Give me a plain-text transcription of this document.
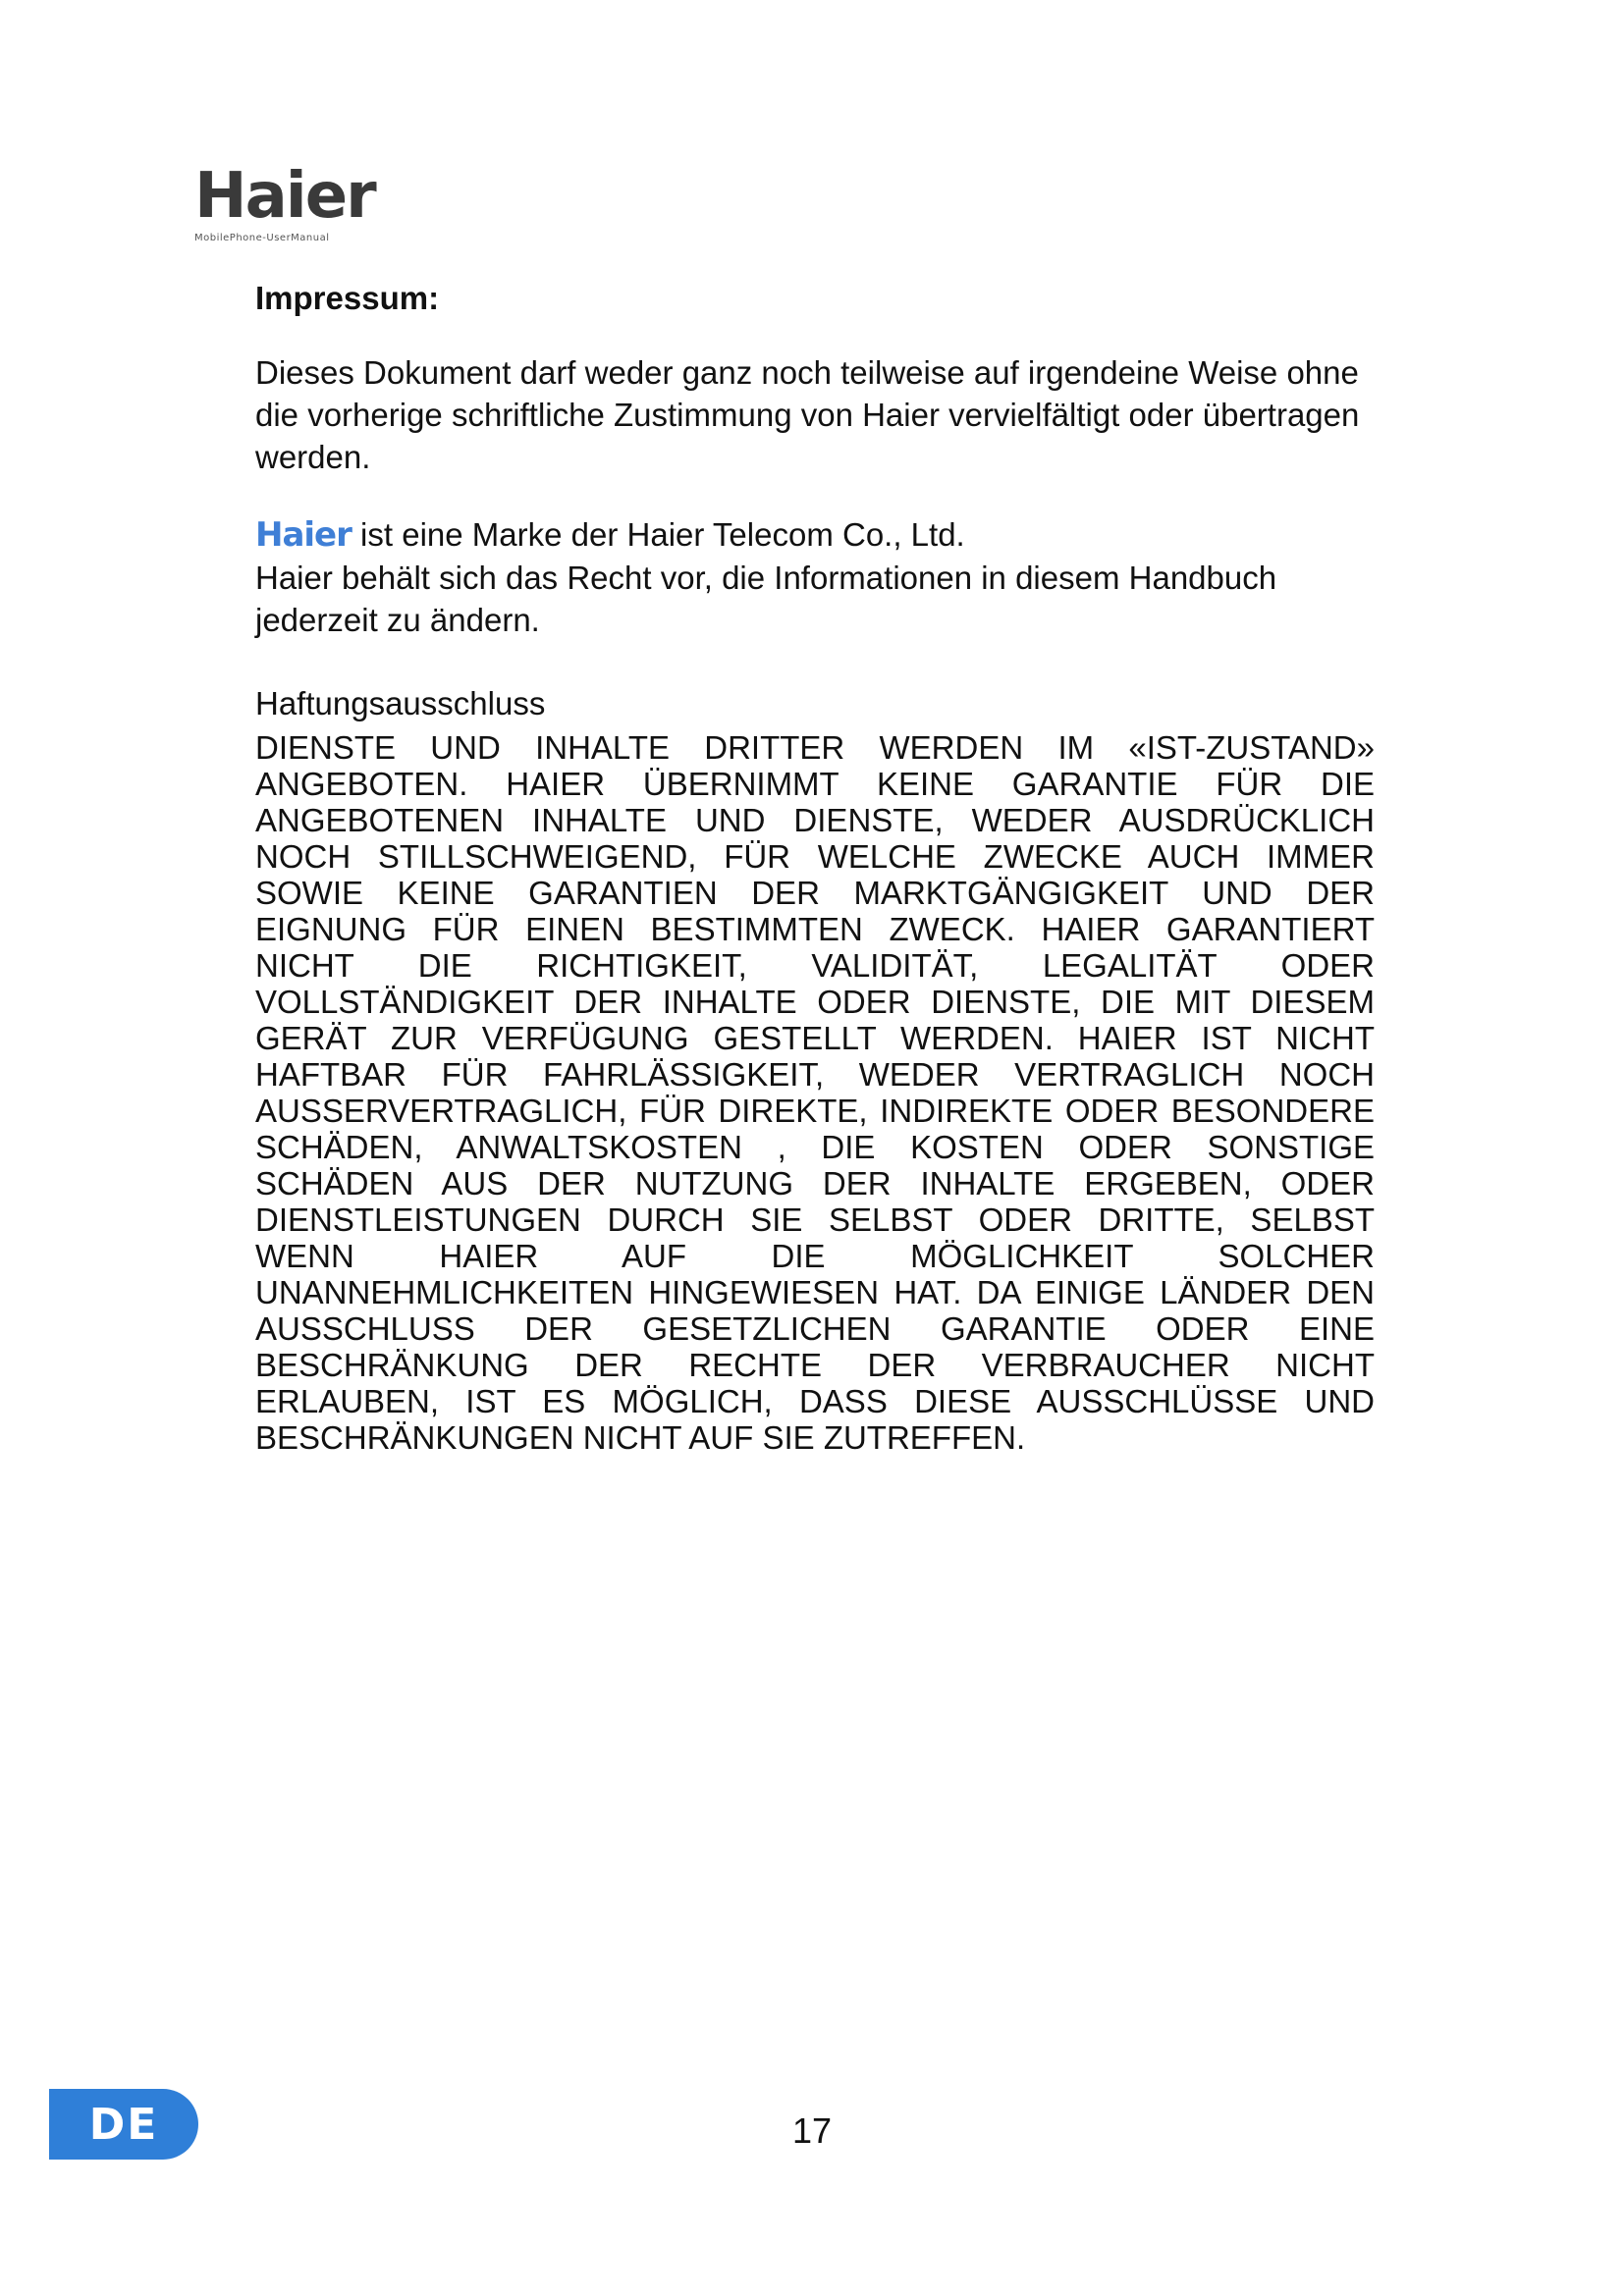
Haier
MobilePhone-UserManual
Impressum:

Dieses Dokument darf weder ganz noch teilweise auf irgendeine Weise ohne die vorherige schriftliche Zustimmung von Haier vervielfältigt oder übertragen werden.

Haier ist eine Marke der Haier Telecom Co., Ltd.
Haier behält sich das Recht vor, die Informationen in diesem Handbuch jederzeit zu ändern.

Haftungsausschluss

DIENSTE UND INHALTE DRITTER WERDEN IM «IST-ZUSTAND» ANGEBOTEN. HAIER ÜBERNIMMT KEINE GARANTIE FÜR DIE ANGEBOTENEN INHALTE UND DIENSTE, WEDER AUSDRÜCKLICH NOCH STILLSCHWEIGEND, FÜR WELCHE ZWECKE AUCH IMMER SOWIE KEINE GARANTIEN DER MARKTGÄNGIGKEIT UND DER EIGNUNG FÜR EINEN BESTIMMTEN ZWECK. HAIER GARANTIERT NICHT DIE RICHTIGKEIT, VALIDITÄT, LEGALITÄT ODER VOLLSTÄNDIGKEIT DER INHALTE ODER DIENSTE, DIE MIT DIESEM GERÄT ZUR VERFÜGUNG GESTELLT WERDEN. HAIER IST NICHT HAFTBAR FÜR FAHRLÄSSIGKEIT, WEDER VERTRAGLICH NOCH AUSSERVERTRAGLICH, FÜR DIREKTE, INDIREKTE ODER BESONDERE SCHÄDEN, ANWALTSKOSTEN , DIE KOSTEN ODER SONSTIGE SCHÄDEN AUS DER NUTZUNG DER INHALTE ERGEBEN, ODER DIENSTLEISTUNGEN DURCH SIE SELBST ODER DRITTE, SELBST WENN HAIER AUF DIE MÖGLICHKEIT SOLCHER UNANNEHMLICHKEITEN HINGEWIESEN HAT. DA EINIGE LÄNDER DEN AUSSCHLUSS DER GESETZLICHEN GARANTIE ODER EINE BESCHRÄNKUNG DER RECHTE DER VERBRAUCHER NICHT ERLAUBEN, IST ES MÖGLICH, DASS DIESE AUSSCHLÜSSE UND BESCHRÄNKUNGEN NICHT AUF SIE ZUTREFFEN.

DE	17
